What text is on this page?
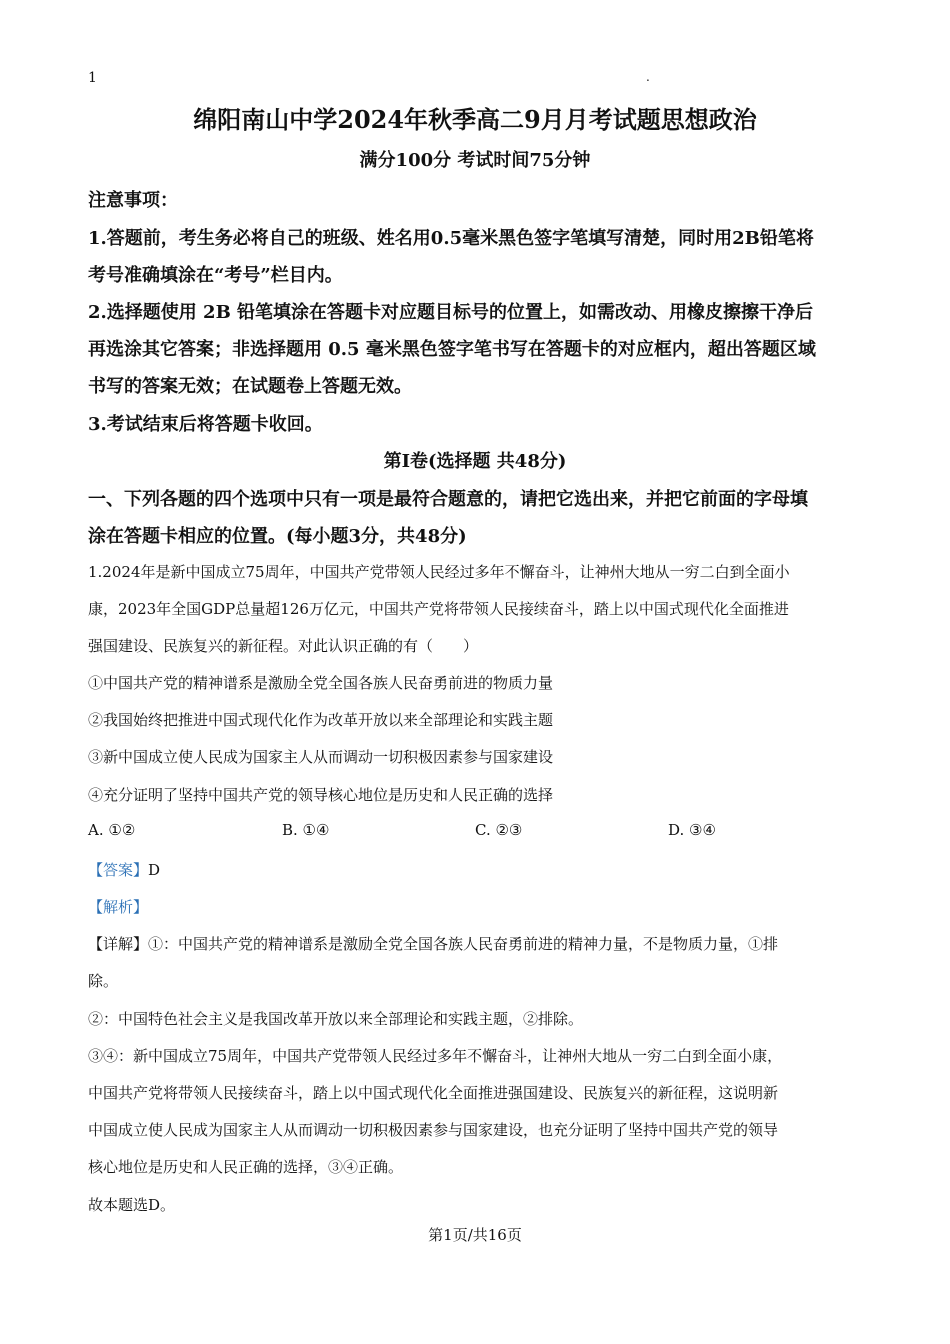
1	.
绵阳南山中学2024年秋季高二9月月考试题思想政治
满分100分 考试时间75分钟
注意事项：
1.答题前，考生务必将自己的班级、姓名用0.5毫米黑色签字笔填写清楚，同时用2B铅笔将
考号准确填涂在“考号”栏目内。
2.选择题使用 2B 铅笔填涂在答题卡对应题目标号的位置上，如需改动、用橡皮擦擦干净后
再选涂其它答案；非选择题用 0.5 毫米黑色签字笔书写在答题卡的对应框内，超出答题区域
书写的答案无效；在试题卷上答题无效。
3.考试结束后将答题卡收回。
第Ⅰ卷(选择题 共48分)
一、下列各题的四个选项中只有一项是最符合题意的，请把它选出来，并把它前面的字母填
涂在答题卡相应的位置。(每小题3分，共48分)
1.2024年是新中国成立75周年，中国共产党带领人民经过多年不懈奋斗，让神州大地从一穷二白到全面小
康，2023年全国GDP总量超126万亿元，中国共产党将带领人民接续奋斗，踏上以中国式现代化全面推进
强国建设、民族复兴的新征程。对此认识正确的有（　　）
①中国共产党的精神谱系是激励全党全国各族人民奋勇前进的物质力量
②我国始终把推进中国式现代化作为改革开放以来全部理论和实践主题
③新中国成立使人民成为国家主人从而调动一切积极因素参与国家建设
④充分证明了坚持中国共产党的领导核心地位是历史和人民正确的选择
A. ①②	B. ①④	C. ②③	D. ③④
【答案】D
【解析】
【详解】①：中国共产党的精神谱系是激励全党全国各族人民奋勇前进的精神力量，不是物质力量，①排
除。
②：中国特色社会主义是我国改革开放以来全部理论和实践主题，②排除。
③④：新中国成立75周年，中国共产党带领人民经过多年不懈奋斗，让神州大地从一穷二白到全面小康，
中国共产党将带领人民接续奋斗，踏上以中国式现代化全面推进强国建设、民族复兴的新征程，这说明新
中国成立使人民成为国家主人从而调动一切积极因素参与国家建设，也充分证明了坚持中国共产党的领导
核心地位是历史和人民正确的选择，③④正确。
故本题选D。
第1页/共16页
